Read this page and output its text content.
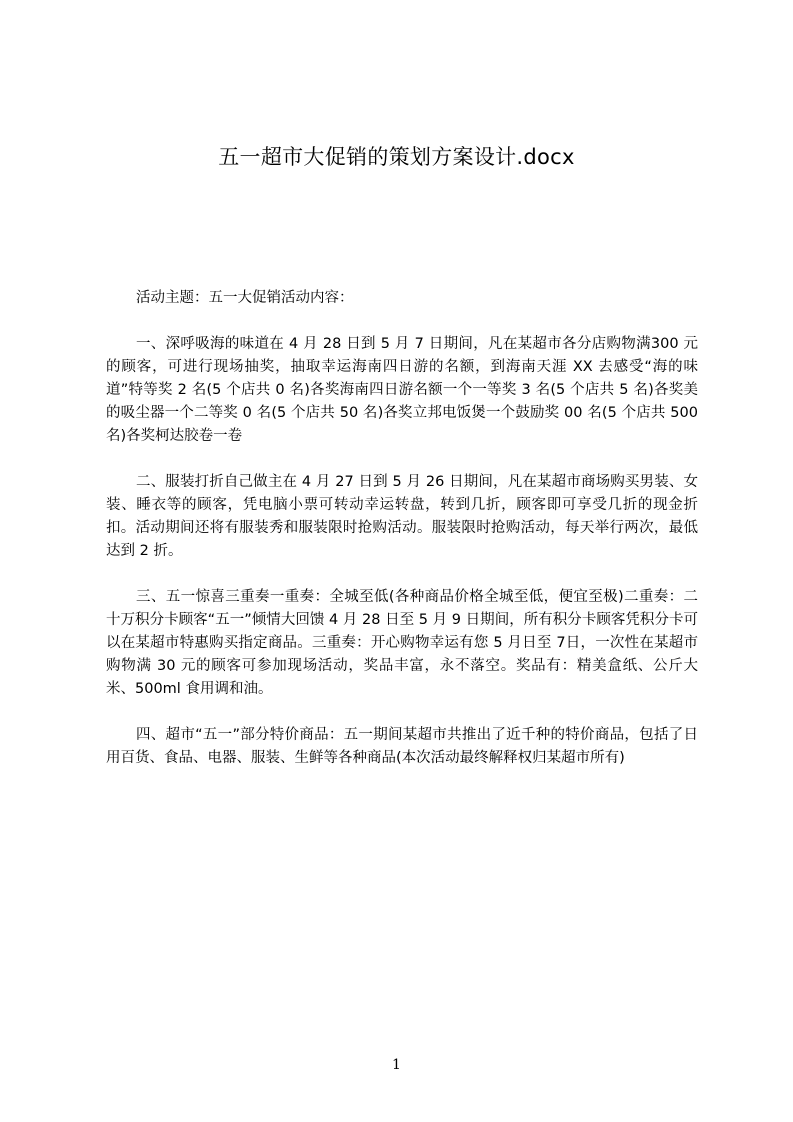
五一超市大促销的策划方案设计.docx

活动主题：五一大促销活动内容：

一、深呼吸海的味道在 4 月 28 日到 5 月 7 日期间，凡在某超市各分店购物满300 元的顾客，可进行现场抽奖，抽取幸运海南四日游的名额，到海南天涯 XX 去感受“海的味道”特等奖 2 名(5 个店共 0 名)各奖海南四日游名额一个一等奖 3 名(5 个店共 5 名)各奖美的吸尘器一个二等奖 0 名(5 个店共 50 名)各奖立邦电饭煲一个鼓励奖 00 名(5 个店共 500 名)各奖柯达胶卷一卷

二、服装打折自己做主在 4 月 27 日到 5 月 26 日期间，凡在某超市商场购买男装、女装、睡衣等的顾客，凭电脑小票可转动幸运转盘，转到几折，顾客即可享受几折的现金折扣。活动期间还将有服装秀和服装限时抢购活动。服装限时抢购活动，每天举行两次，最低达到 2 折。

三、五一惊喜三重奏一重奏：全城至低(各种商品价格全城至低，便宜至极)二重奏：二十万积分卡顾客“五一”倾情大回馈 4 月 28 日至 5 月 9 日期间，所有积分卡顾客凭积分卡可以在某超市特惠购买指定商品。三重奏：开心购物幸运有您 5 月日至 7日，一次性在某超市购物满 30 元的顾客可参加现场活动，奖品丰富，永不落空。奖品有：精美盒纸、公斤大米、500ml 食用调和油。

四、超市“五一”部分特价商品：五一期间某超市共推出了近千种的特价商品，包括了日用百货、食品、电器、服装、生鲜等各种商品(本次活动最终解释权归某超市所有)

1
